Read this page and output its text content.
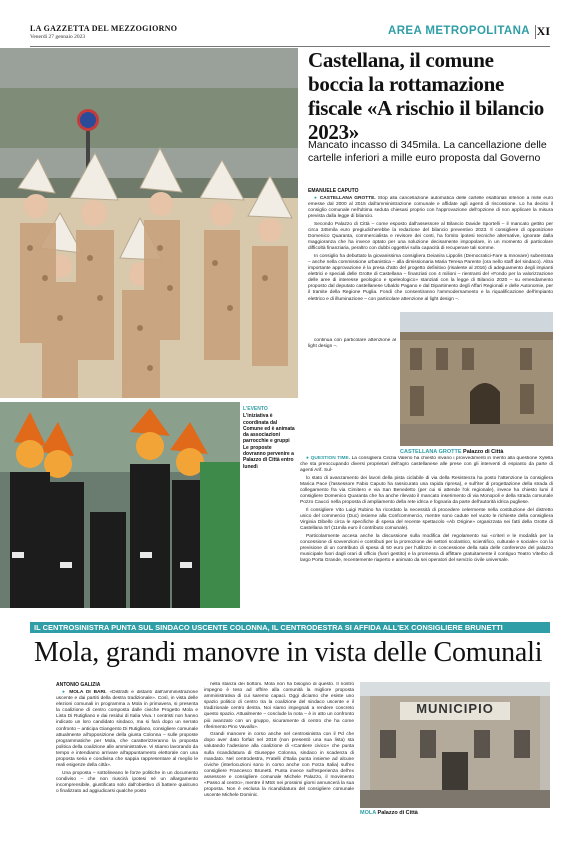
LA GAZZETTA DEL MEZZOGIORNO
Venerdì 27 gennaio 2023	AREA METROPOLITANA XI
Castellana, il comune boccia la rottamazione fiscale «A rischio il bilancio 2023»
Mancato incasso di 345mila. La cancellazione delle cartelle inferiori a mille euro proposta dal Governo
EMANUELE CAPUTO

● CASTELLANA GROTTE. Stop alla cancellazione automatica delle cartelle esattoriali inferiori a mille euro emesse dal 2000 al 2015 dall'amministrazione comunale e affidate agli agenti di riscossione. Lo ha deciso il consiglio comunale nell'ultima seduta chiesasi proprio con l'approvazione dell'opzione di non applicare la misura prevista dalla legge di bilancio.

Secondo Palazzo di Città – come esposto dall'assessore al Bilancio Davide Sportelli – il mancato gettito per circa 345mila euro pregiudicherebbe la redazione del bilancio preventivo 2023. Il consigliere di opposizione Domenico Quaranta, commercialista e revisore dei conti, ha fornito ipotesi tecniche alternative, ignorate dalla maggioranza che ha invece optato per una soluzione decisamente impopolare, in un momento di particolare difficoltà finanziaria, peraltro con dubbi oggettivi sulla capacità di recuperare tali somme.

In consiglio ha debuttato la giovanissima consigliera Deianira Lippolis (Democratici-Fare & Innovare) subentrata – anche nella commissione urbanistica – alla dimissionaria Maria Teresa Parente (ora nello staff del sindaco). Altra importante approvazione è la presa d'atto del progetto definitivo (risalente al 2016) di adeguamento degli impianti elettrici e speciali delle Grotte di Castellana – finanziati con 4 milioni – rientranti del «Fondo per la valorizzazione delle aree di interesse geologico e speleologico» stanziati con la legge di Bilancio 2020 – su emendamento proposto dal deputato castellanese Ubaldo Pagano e dal Dipartimento degli Affari Regionali e delle Autonomie, per il tramite della Regione Puglia. Fondi che consentiranno l'ammodernamento e la riqualificazione dell'impianto elettrico e di illuminazione – con particolare attenzione al light design –.

continua con particolare attenzione al light design –.

CASTELLANA GROTTE Palazzo di Città
L'EVENTO
L'iniziativa è coordinata dal Comune ed è animata da associazioni parrocchie e gruppi Le proposte dovranno pervenire a Palazzo di Città entro lunedì

● QUESTION TIME. La consigliera Cinzia Valerio ha chiesto invano i provvedimenti in merito alla questione Xylella che sta preoccupando diversi proprietari dell'agro castellanese alle prese con gli interventi di espianto da parte di agenti Arif. Sul-

lo stato di avanzamento dei lavori della pista ciclabile di via della Resistenza ha posto l'attenzione la consigliera Marica Pace (l'assessore Fabio Caputo ha rassicurato una rapida ripresa), e sull'iter di progettazione della strada di collegamento fra via Cimitero e via San Benedetto (per cui si attende l'ok regionale), invece ha chiesto lumi il consigliere Domenico Quaranta che ha anche rilevato il mancato inserimento di via Monopoli e della strada comunale Pozzo Caucci nella proposta di ampliamento della rete idrica e fognaria da parte dell'autorità idrica pugliese.

Il consigliere Vito Luigi Rubino ha ricordato la necessità di procedere celermente nella costituzione del distretto unico del commercio (Duc) insieme alla Confcommercio, mentre sono cadute nel vuoto le richieste della consigliera Virginia Dibello circa le specifiche di spesa del recente spettacolo «Ab Origine» organizzata nei fatti della Grotte di Castellana Srl (11mila euro il contributo comunale).

Particolarmente accesa anche la discussione sulla modifica del regolamento sui «criteri e le modalità per la concessione di sovvenzioni e contributi per la promozione dei settori scolastico, scientifico, culturale e sociale» con la previsione di un contributo di spesa di 50 euro per l'utilizzo in concessione della sala delle conferenze del palazzo municipale fuori dagli orari di ufficio (fuori gestito) e la promessa di affittare gratuitamente il contiguo Teatro Viterbo di largo Porta Grande, recentemente riaperto e animato da sei operatori del servizio civile universale.

IL CENTROSINISTRA PUNTA SUL SINDACO USCENTE COLONNA, IL CENTRODESTRA SI AFFIDA ALL'EX CONSIGLIERE BRUNETTI
Mola, grandi manovre in vista delle Comunali
ANTONIO GALIZIA

● MOLA DI BARI. «Distratti e distanti dall'amministrazione uscente e dai partiti della destra tradizionale». Così, in vista delle elezioni comunali in programma a Mola in primavera, si presenta la coalizione di centro composta dalle civiche Progetto Mola e Lista Di Rutigliano e dai residui di Italia Viva. I centristi non hanno indicato un loro candidato sindaco, ma si farà dopo un serrato confronto – anticipa Giangento Di Rutigliano, consigliere comunale attualmente all'opposizione della giunta Colonna – sulle proposte programmatiche per Mola, che caratterizzeranno la proposta politica della coalizione alle amministrative. Vi stiamo lavorando da tempo e intendiamo arrivare all'appuntamento elettorale con una proposta seria e condivisa che sappia rappresentare al meglio le reali esigenze della città».

Una proposta – sottolineano le forze politiche in un documento condiviso – che non riuscirà ipotesi né un allargamento incomprensibile, giustificato solo dall'obiettivo di battere qualcuno o finalizzato ad aggiudicarsi qualche posto

nella stanza dei bottoni. Mola non ha bisogno di questo. Il nostro impegno è teso ad offrire alla comunità la migliore proposta amministrativa di cui saremo capaci. Oggi diciamo che esiste uno spazio politico di centro tra la coalizione del sindaco uscente e il tradizionale centro destra. Noi siamo impegnati a rendere concreto questo spazio. Attualmente – conclude la nota – è in atto un confronto più avanzato con un gruppo, sicuramente di centro che ha come riferimento Pino Vavallo».

Grandi manovre in corso anche nel centrosinistra con il Pd che dopo aver dato forfait nel 2018 (non presentò una sua lista) sta valutando l'adesione alla coalizione di «Cantiere civico» che punta sulla ricandidatura di Giuseppe Colonna, sindaco in scadenza di mandato. Nel centrodestra, Fratelli d'Italia punta insieme ad alcune civiche (interlocuzioni sono in corso anche con Forza Italia) sull'ex consigliere Francesco Brunetti. Punta invece sull'esperienza dell'ex assessore e consigliere comunale Michele Palazzo, il movimento «Passo al centro», mentre il M5S nei prossimi giorni annuncerà la sua proposta. Non è esclusa la ricandidatura del consigliere comunale uscente Michele Dominic.

MUNICIPIO
MOLA Palazzo di Città
